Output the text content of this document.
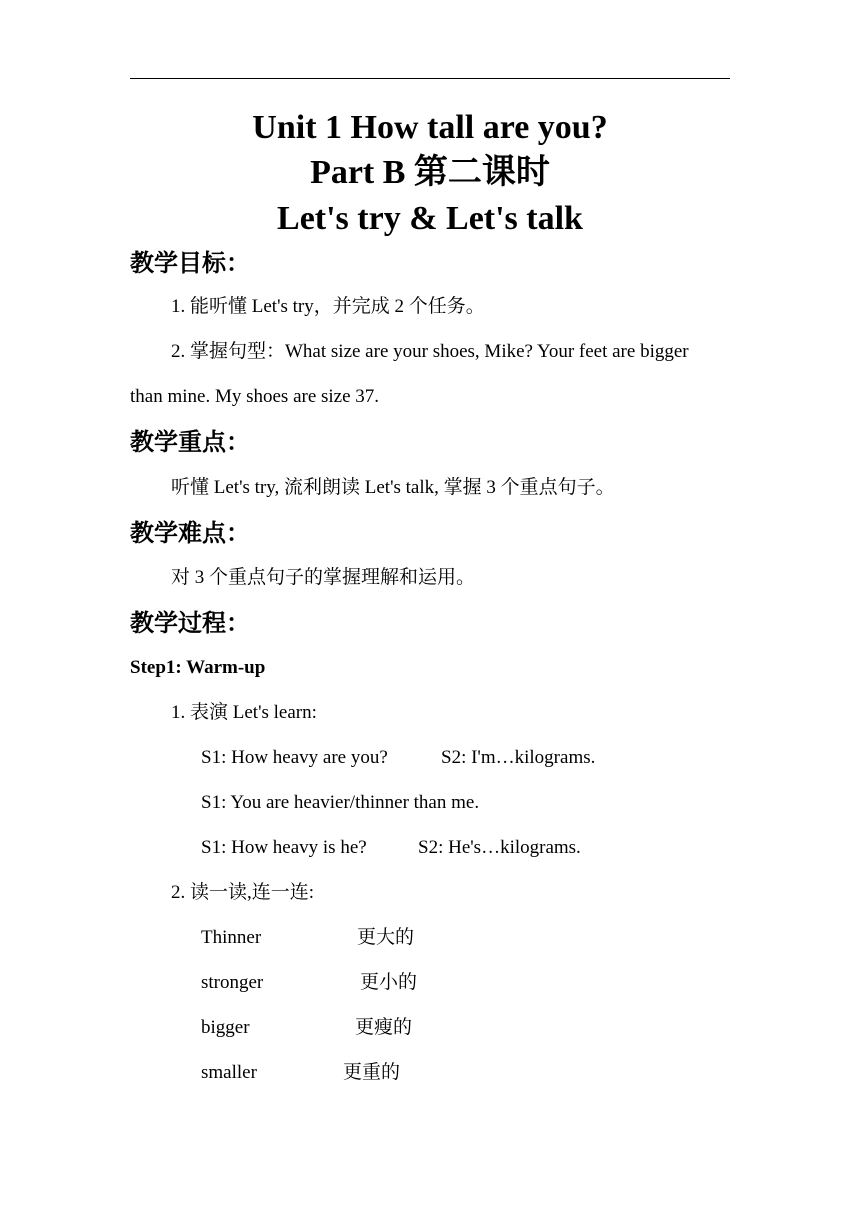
Unit 1 How tall are you?
Part B 第二课时
Let's try & Let's talk
教学目标：
1. 能听懂 Let's try，并完成 2 个任务。
2. 掌握句型：What size are your shoes, Mike? Your feet are bigger
than mine. My shoes are size 37.
教学重点：
听懂 Let's try, 流利朗读 Let's talk, 掌握 3 个重点句子。
教学难点：
对 3 个重点句子的掌握理解和运用。
教学过程：
Step1: Warm-up
1. 表演 Let's learn:
S1: How heavy are you?	S2: I'm…kilograms.
S1: You are heavier/thinner than me.
S1: How heavy is he?	S2: He's…kilograms.
2. 读一读,连一连:
Thinner	更大的
stronger	更小的
bigger	更瘦的
smaller	更重的
